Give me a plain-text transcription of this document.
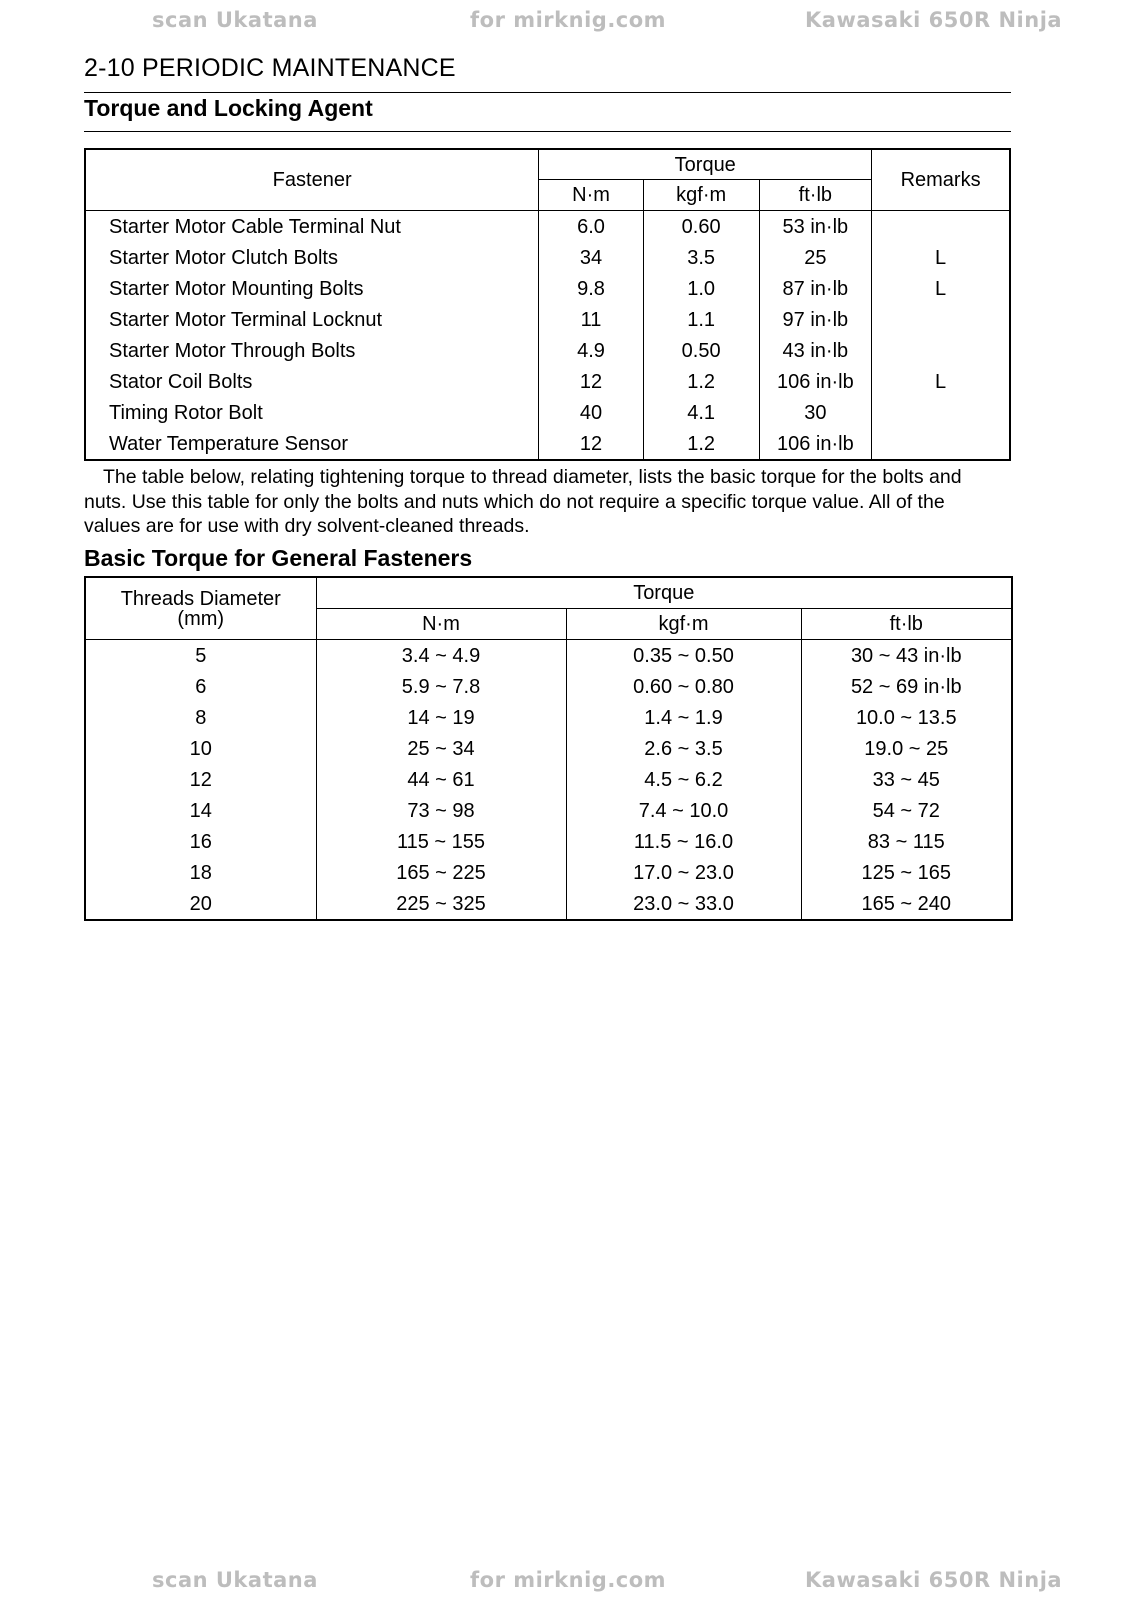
scan Ukatana	for mirknig.com	Kawasaki 650R Ninja
2-10 PERIODIC MAINTENANCE
Torque and Locking Agent
Fastener	Torque			Remarks
	N·m	kgf·m	ft·lb	
Starter Motor Cable Terminal Nut	6.0	0.60	53 in·lb	
Starter Motor Clutch Bolts	34	3.5	25	L
Starter Motor Mounting Bolts	9.8	1.0	87 in·lb	L
Starter Motor Terminal Locknut	11	1.1	97 in·lb	
Starter Motor Through Bolts	4.9	0.50	43 in·lb	
Stator Coil Bolts	12	1.2	106 in·lb	L
Timing Rotor Bolt	40	4.1	30	
Water Temperature Sensor	12	1.2	106 in·lb	
The table below, relating tightening torque to thread diameter, lists the basic torque for the bolts and
nuts. Use this table for only the bolts and nuts which do not require a specific torque value. All of the
values are for use with dry solvent-cleaned threads.
Basic Torque for General Fasteners
Threads Diameter
(mm)	Torque		
	N·m	kgf·m	ft·lb
5	3.4 ~ 4.9	0.35 ~ 0.50	30 ~ 43 in·lb
6	5.9 ~ 7.8	0.60 ~ 0.80	52 ~ 69 in·lb
8	14 ~ 19	1.4 ~ 1.9	10.0 ~ 13.5
10	25 ~ 34	2.6 ~ 3.5	19.0 ~ 25
12	44 ~ 61	4.5 ~ 6.2	33 ~ 45
14	73 ~ 98	7.4 ~ 10.0	54 ~ 72
16	115 ~ 155	11.5 ~ 16.0	83 ~ 115
18	165 ~ 225	17.0 ~ 23.0	125 ~ 165
20	225 ~ 325	23.0 ~ 33.0	165 ~ 240
scan Ukatana	for mirknig.com	Kawasaki 650R Ninja
